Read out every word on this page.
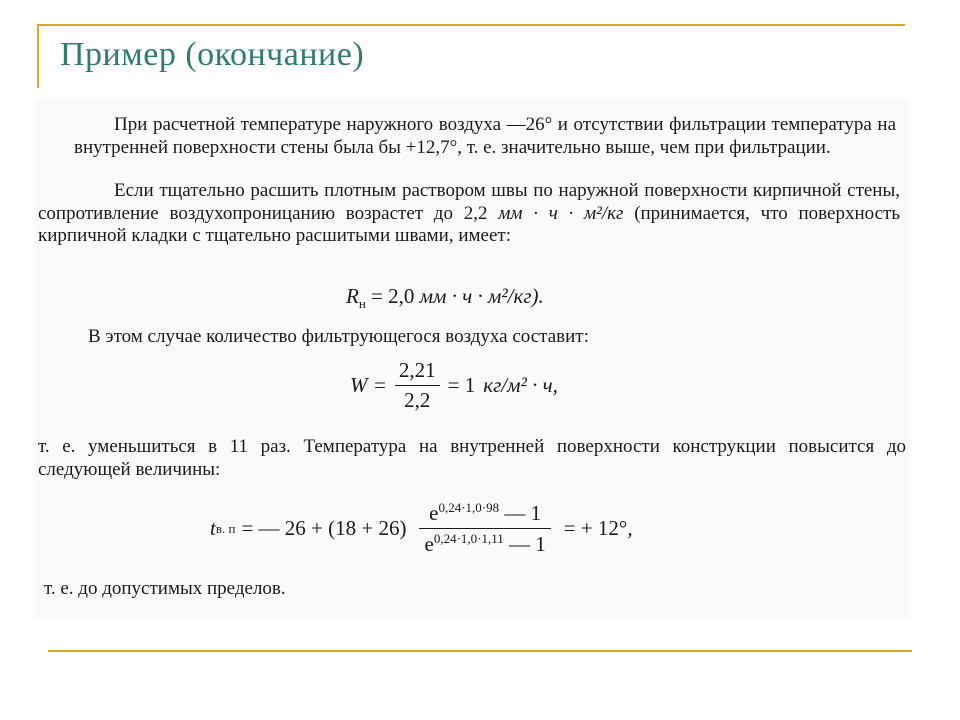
Пример (окончание)
При расчетной температуре наружного воздуха —26° и отсутствии фильтрации температура на внутренней поверхности стены была бы +12,7°, т. е. значительно выше, чем при фильтрации.
Если тщательно расшить плотным раствором швы по наружной поверхности кирпичной стены, сопротивление воздухопроницанию возрастет до 2,2 мм · ч · м²/кг (принимается, что поверхность кирпичной кладки с тщательно расшитыми швами, имеет:
$R_н = 2,0$ мм · ч · м²/кг).
В этом случае количество фильтрующегося воздуха составит:
$W = \frac{2,21}{2,2} = 1$ кг/м² · ч,
т. е. уменьшиться в 11 раз. Температура на внутренней поверхности конструкции повысится до следующей величины:
t в. п = — $26 + (18 + 26) \frac{e^{0,24\cdot 1,0\cdot 98} — 1}{e^{0,24\cdot 1,0\cdot 1,11} — 1}$ = + 12°,
т. е. до допустимых пределов.
